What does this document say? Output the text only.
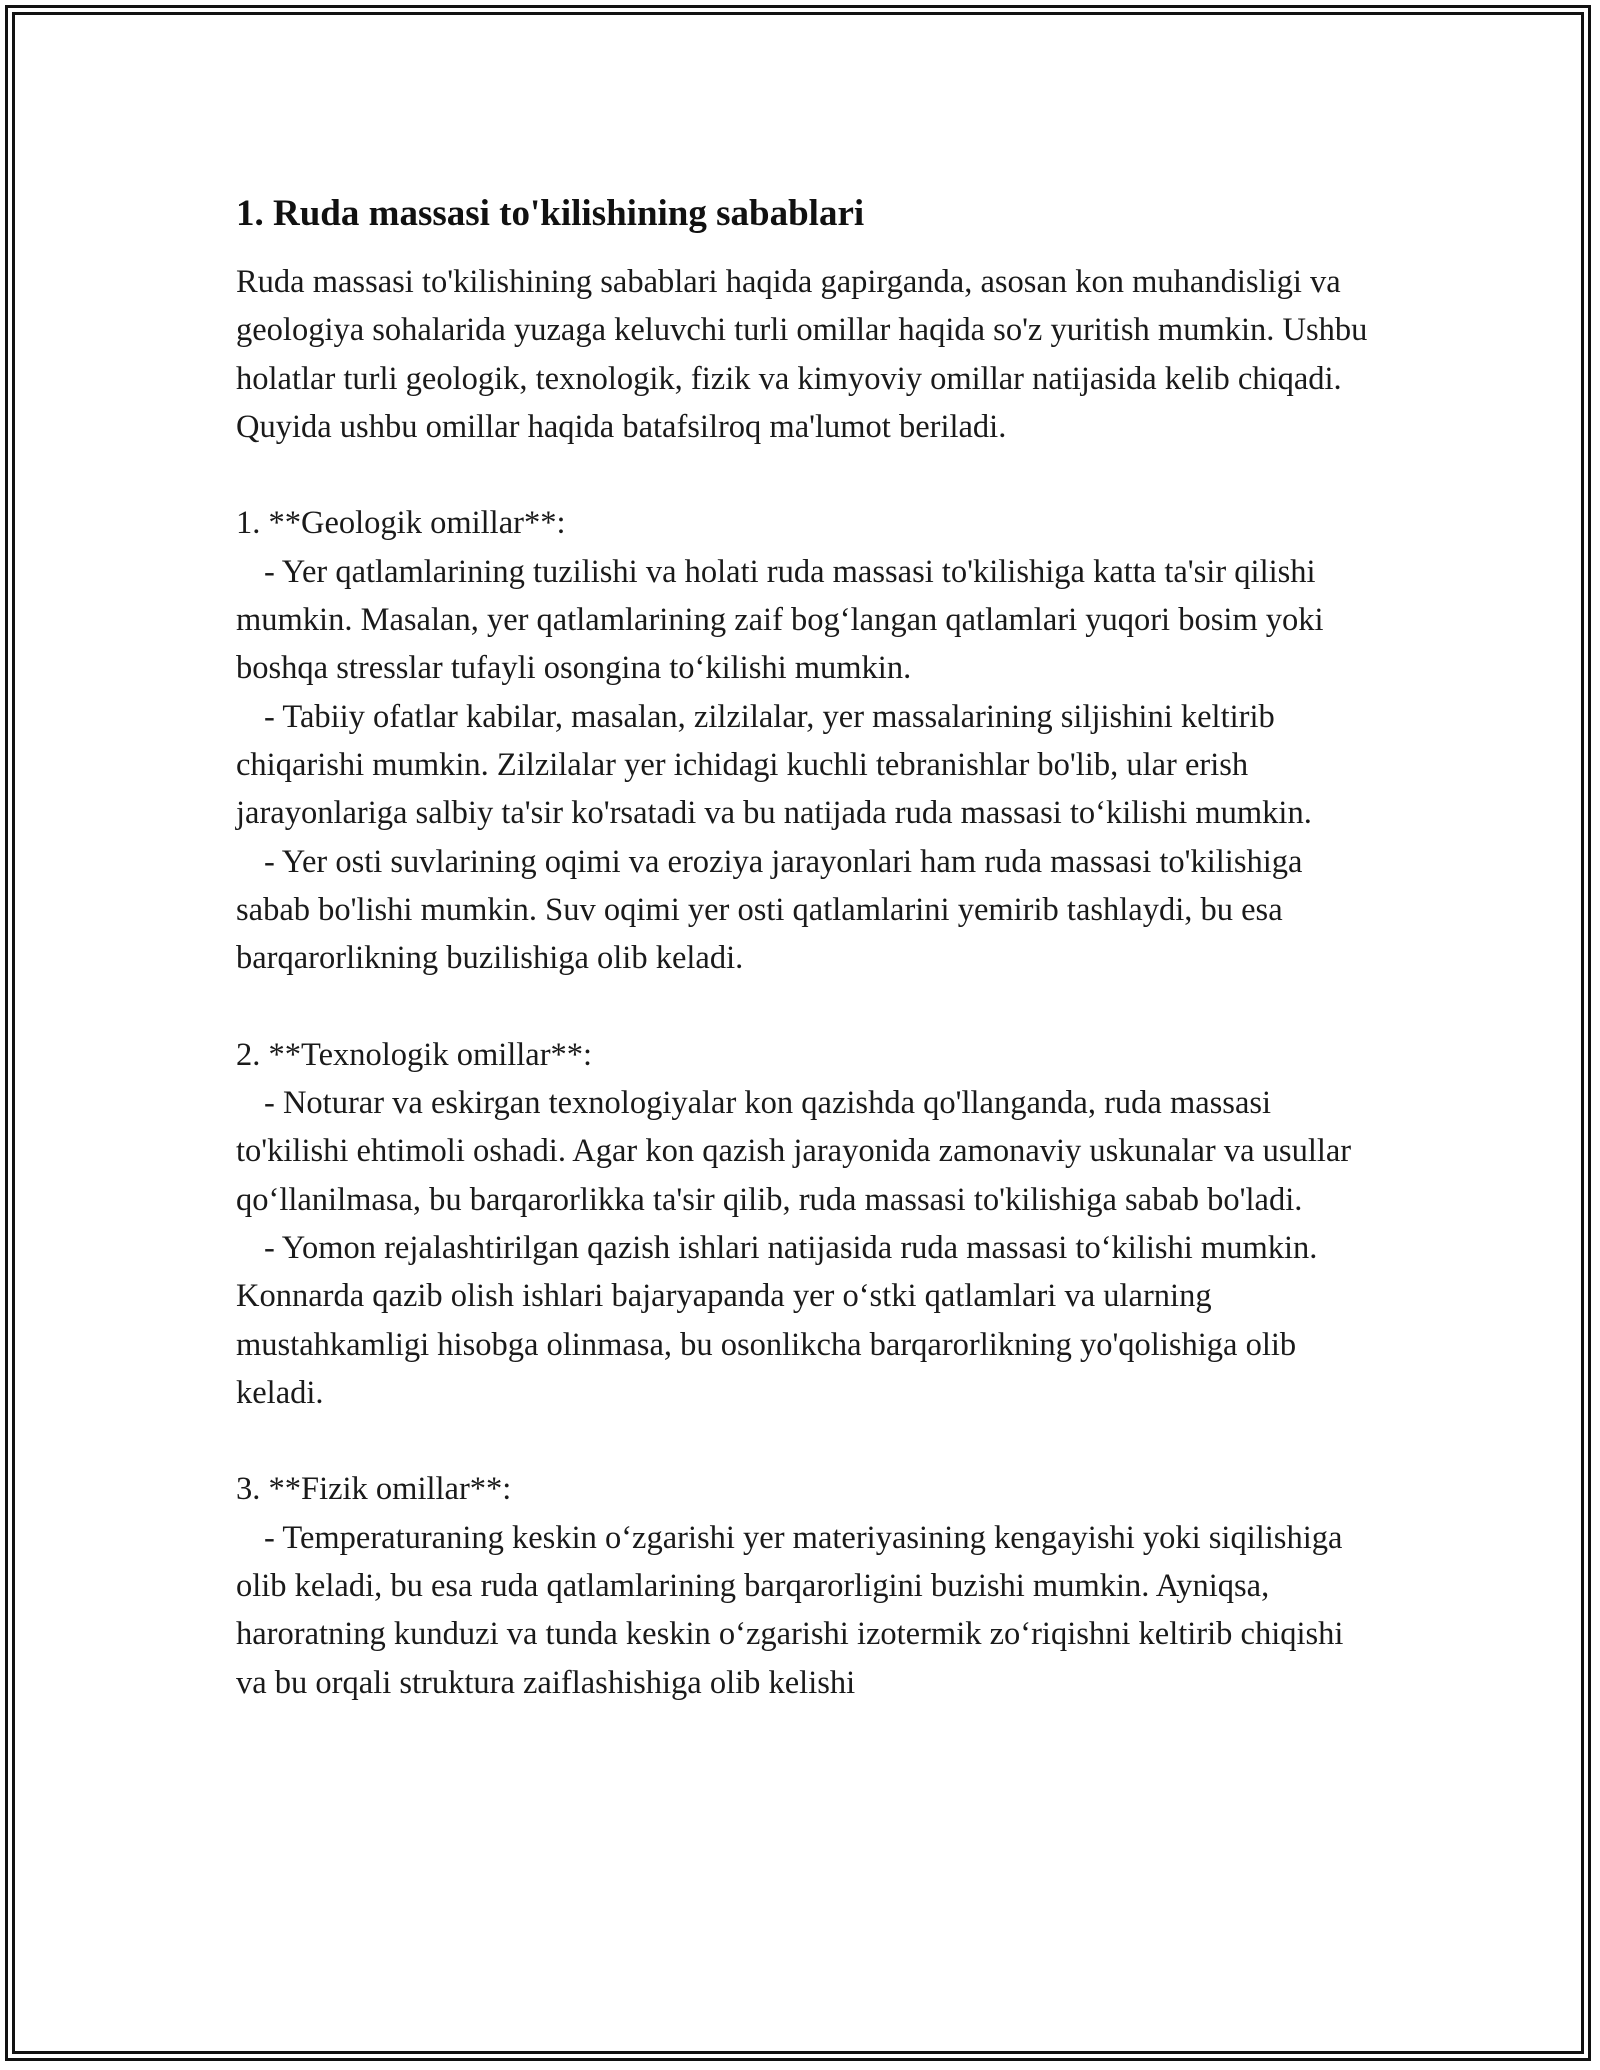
1. Ruda massasi to'kilishining sabablari

Ruda massasi to'kilishining sabablari haqida gapirganda, asosan kon muhandisligi va geologiya sohalarida yuzaga keluvchi turli omillar haqida so'z yuritish mumkin. Ushbu holatlar turli geologik, texnologik, fizik va kimyoviy omillar natijasida kelib chiqadi. Quyida ushbu omillar haqida batafsilroq ma'lumot beriladi.

1. **Geologik omillar**:
- Yer qatlamlarining tuzilishi va holati ruda massasi to'kilishiga katta ta'sir qilishi mumkin. Masalan, yer qatlamlarining zaif bog‘langan qatlamlari yuqori bosim yoki boshqa stresslar tufayli osongina to‘kilishi mumkin.
- Tabiiy ofatlar kabilar, masalan, zilzilalar, yer massalarining siljishini keltirib chiqarishi mumkin. Zilzilalar yer ichidagi kuchli tebranishlar bo'lib, ular erish jarayonlariga salbiy ta'sir ko'rsatadi va bu natijada ruda massasi to‘kilishi mumkin.
- Yer osti suvlarining oqimi va eroziya jarayonlari ham ruda massasi to'kilishiga sabab bo'lishi mumkin. Suv oqimi yer osti qatlamlarini yemirib tashlaydi, bu esa barqarorlikning buzilishiga olib keladi.
2. **Texnologik omillar**:
- Noturar va eskirgan texnologiyalar kon qazishda qo'llanganda, ruda massasi to'kilishi ehtimoli oshadi. Agar kon qazish jarayonida zamonaviy uskunalar va usullar qo‘llanilmasa, bu barqarorlikka ta'sir qilib, ruda massasi to'kilishiga sabab bo'ladi.
- Yomon rejalashtirilgan qazish ishlari natijasida ruda massasi to‘kilishi mumkin. Konnarda qazib olish ishlari bajaryapanda yer o‘stki qatlamlari va ularning mustahkamligi hisobga olinmasa, bu osonlikcha barqarorlikning yo'qolishiga olib keladi.
3. **Fizik omillar**:
- Temperaturaning keskin o‘zgarishi yer materiyasining kengayishi yoki siqilishiga olib keladi, bu esa ruda qatlamlarining barqarorligini buzishi mumkin. Ayniqsa, haroratning kunduzi va tunda keskin o‘zgarishi izotermik zo‘riqishni keltirib chiqishi va bu orqali struktura zaiflashishiga olib kelishi
